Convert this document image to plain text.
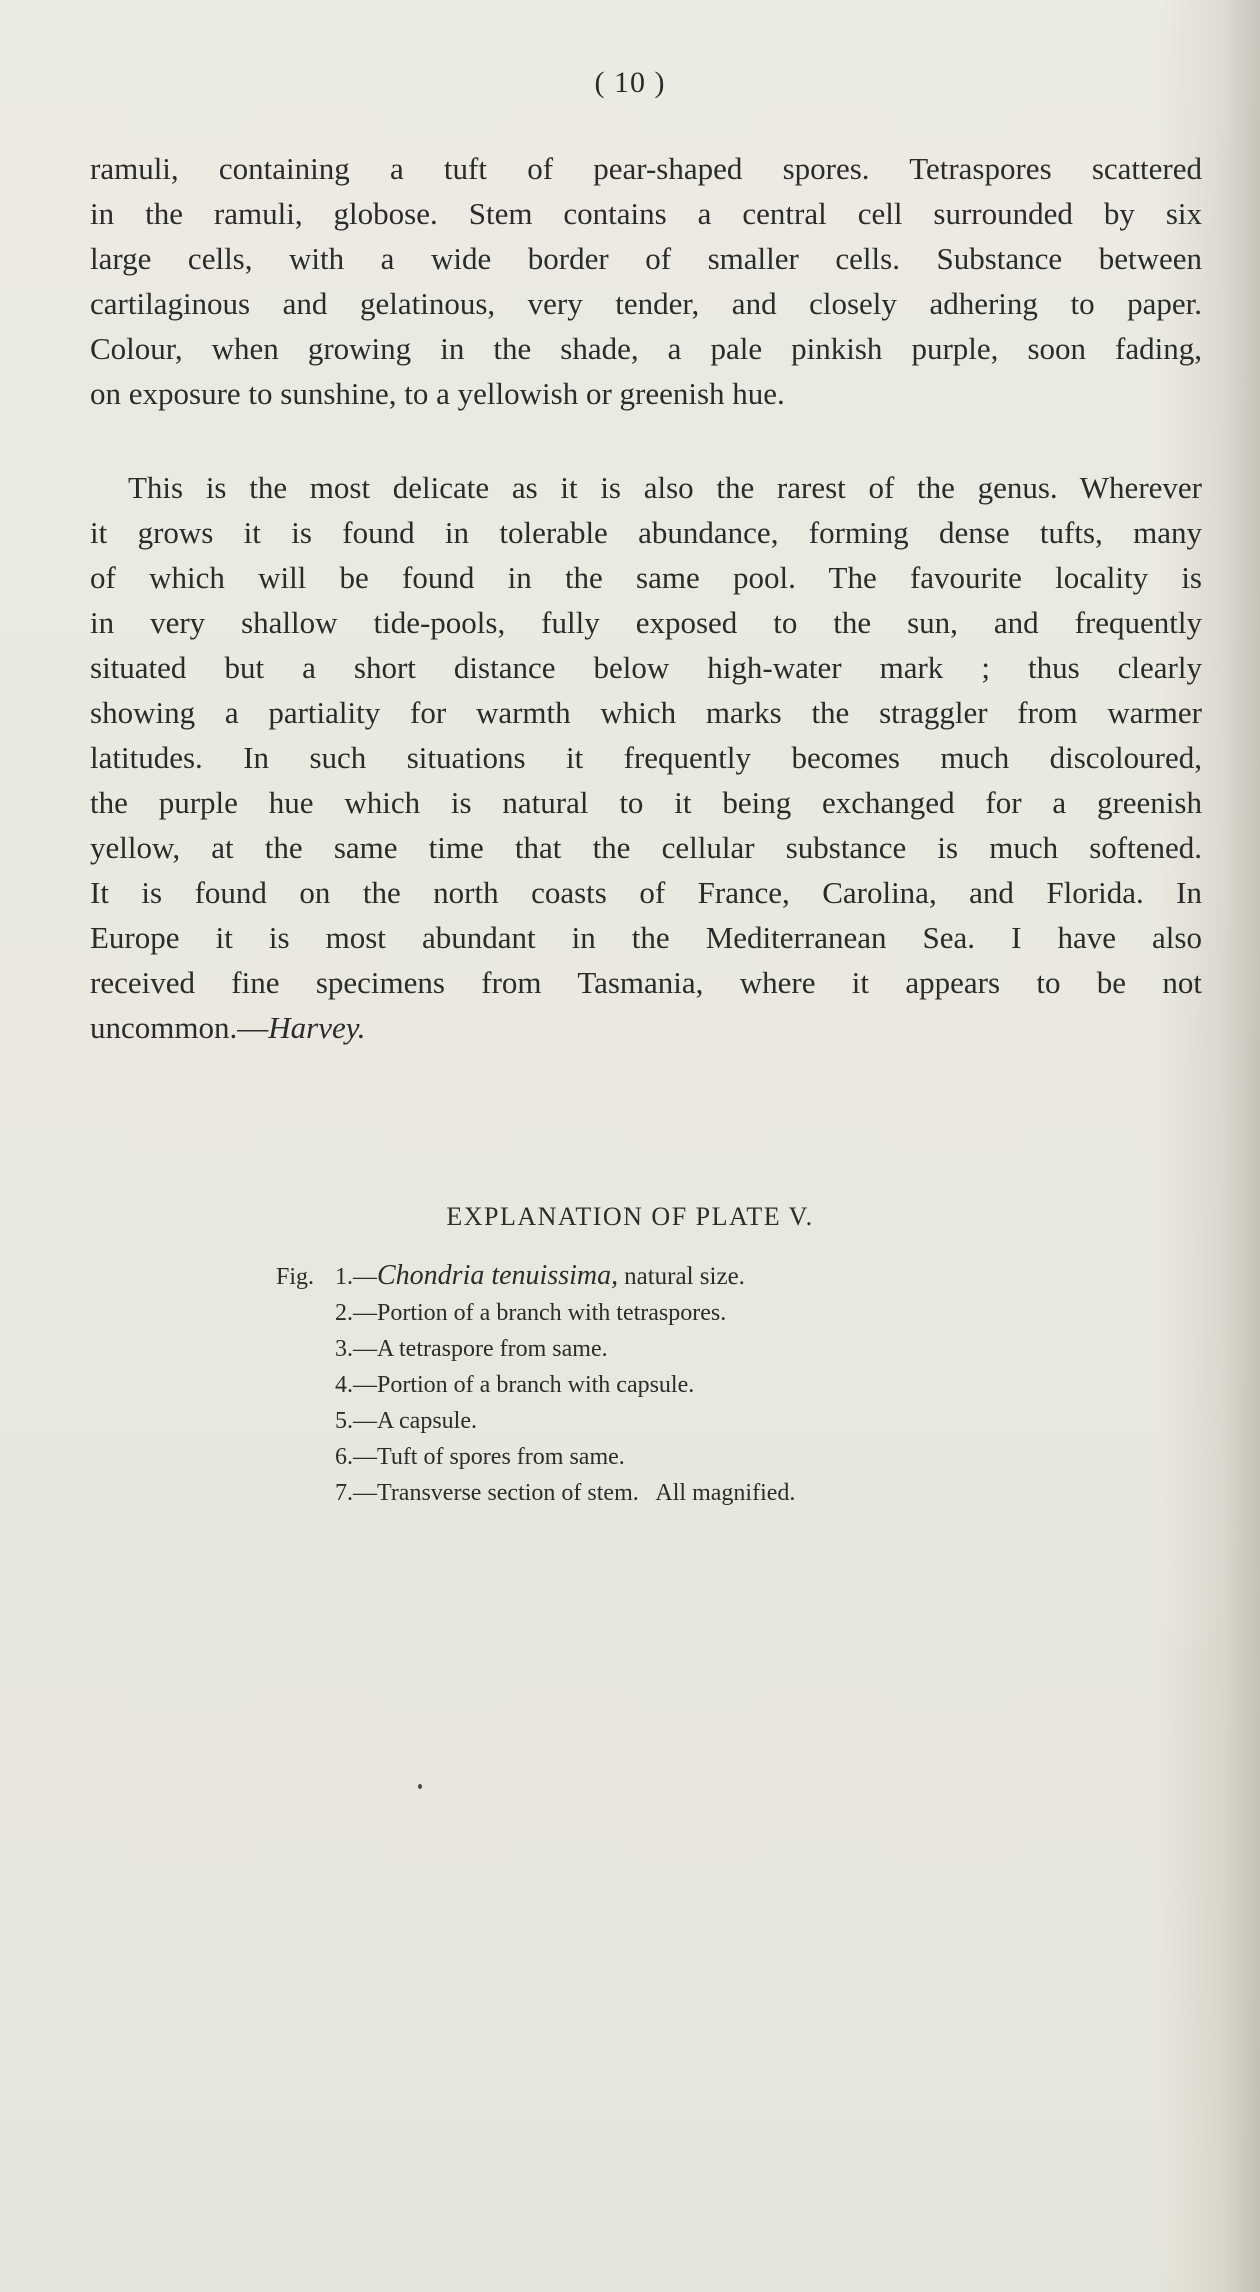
( 10 )

ramuli, containing a tuft of pear-shaped spores. Tetraspores scattered
in the ramuli, globose. Stem contains a central cell surrounded by six
large cells, with a wide border of smaller cells. Substance between
cartilaginous and gelatinous, very tender, and closely adhering to paper.
Colour, when growing in the shade, a pale pinkish purple, soon fading,
on exposure to sunshine, to a yellowish or greenish hue.

This is the most delicate as it is also the rarest of the genus. Wherever
it grows it is found in tolerable abundance, forming dense tufts, many
of which will be found in the same pool. The favourite locality is
in very shallow tide-pools, fully exposed to the sun, and frequently
situated but a short distance below high-water mark ; thus clearly
showing a partiality for warmth which marks the straggler from warmer
latitudes. In such situations it frequently becomes much discoloured,
the purple hue which is natural to it being exchanged for a greenish
yellow, at the same time that the cellular substance is much softened.
It is found on the north coasts of France, Carolina, and Florida. In
Europe it is most abundant in the Mediterranean Sea. I have also
received fine specimens from Tasmania, where it appears to be not
uncommon.—Harvey.

EXPLANATION OF PLATE V.
Fig. 1.—Chondria tenuissima, natural size.
2.—Portion of a branch with tetraspores.
3.—A tetraspore from same.
4.—Portion of a branch with capsule.
5.—A capsule.
6.—Tuft of spores from same.
7.—Transverse section of stem.   All magnified.
